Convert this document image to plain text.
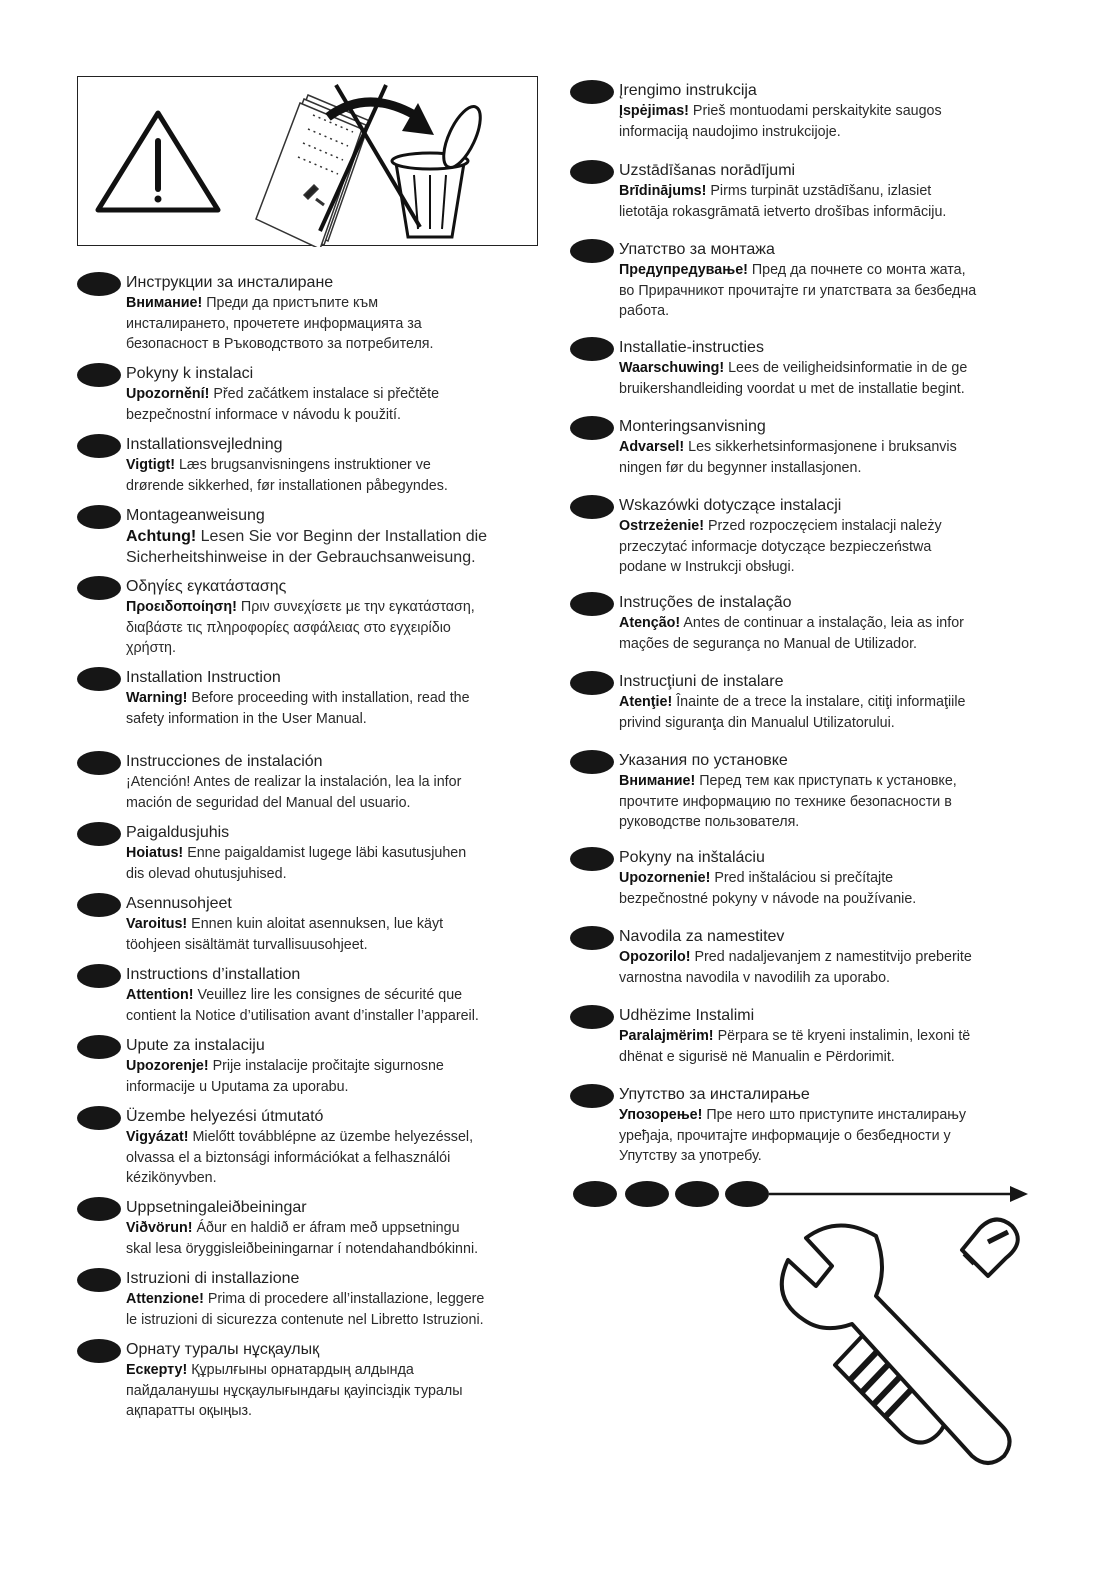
Инструкции за инсталиране
Внимание! Преди да пристъпите към
инсталирането, прочетете информацията за
безопасност в Ръководството за потребителя.
Pokyny k instalaci
Upozornění! Před začátkem instalace si přečtěte
bezpečnostní informace v návodu k použití.
Installationsvejledning
Vigtigt! Læs brugsanvisningens instruktioner ve
drørende sikkerhed, før installationen påbegyndes.
Montageanweisung
Achtung! Lesen Sie vor Beginn der Installation die
Sicherheitshinweise in der Gebrauchsanweisung.
Οδηγίες εγκατάστασης
Προειδοποίηση! Πριν συνεχίσετε με την εγκατάσταση,
διαβάστε τις πληροφορίες ασφάλειας στο εγχειρίδιο
χρήστη.
Installation Instruction
Warning! Before proceeding with installation, read the
safety information in the User Manual.
Instrucciones de instalación
¡Atención! Antes de realizar la instalación, lea la infor
mación de seguridad del Manual del usuario.
Paigaldusjuhis
Hoiatus! Enne paigaldamist lugege läbi kasutusjuhen
dis olevad ohutusjuhised.
Asennusohjeet
Varoitus! Ennen kuin aloitat asennuksen, lue käyt
töohjeen sisältämät turvallisuusohjeet.
Instructions d’installation
Attention! Veuillez lire les consignes de sécurité que
contient la Notice d’utilisation avant d’installer l’appareil.
Upute za instalaciju
Upozorenje! Prije instalacije pročitajte sigurnosne
informacije u Uputama za uporabu.
Üzembe helyezési útmutató
Vigyázat! Mielőtt továbblépne az üzembe helyezéssel,
olvassa el a biztonsági információkat a felhasználói
kézikönyvben.
Uppsetningaleiðbeiningar
Viðvörun! Áður en haldið er áfram með uppsetningu
skal lesa öryggisleiðbeiningarnar í notendahandbókinni.
Istruzioni di installazione
Attenzione! Prima di procedere all’installazione, leggere
le istruzioni di sicurezza contenute nel Libretto Istruzioni.
Орнату туралы нұсқаулық
Ескерту! Құрылғыны орнатардың алдында
пайдаланушы нұсқаулығындағы қауіпсіздік туралы
ақпаратты оқыңыз.
Įrengimo instrukcija
Įspėjimas! Prieš montuodami perskaitykite saugos
informaciją naudojimo instrukcijoje.
Uzstādīšanas norādījumi
Brīdinājums! Pirms turpināt uzstādīšanu, izlasiet
lietotāja rokasgrāmatā ietverto drošības informāciju.
Упатство за монтажа
Предупредување! Пред да почнете со монта жата,
во Прирачникот прочитајте ги упатствата за безбедна
работа.
Installatie-instructies
Waarschuwing! Lees de veiligheidsinformatie in de ge
bruikershandleiding voordat u met de installatie begint.
Monteringsanvisning
Advarsel! Les sikkerhetsinformasjonene i bruksanvis
ningen før du begynner installasjonen.
Wskazówki dotyczące instalacji
Ostrzeżenie! Przed rozpoczęciem instalacji należy
przeczytać informacje dotyczące bezpieczeństwa
podane w Instrukcji obsługi.
Instruções de instalação
Atenção! Antes de continuar a instalação, leia as infor
mações de segurança no Manual de Utilizador.
Instrucţiuni de instalare
Atenţie! Înainte de a trece la instalare, citiţi informaţiile
privind siguranţa din Manualul Utilizatorului.
Указания по установке
Внимание! Перед тем как приступать к установке,
прочтите информацию по технике безопасности в
руководстве пользователя.
Pokyny na inštaláciu
Upozornenie! Pred inštaláciou si prečítajte
bezpečnostné pokyny v návode na používanie.
Navodila za namestitev
Opozorilo! Pred nadaljevanjem z namestitvijo preberite
varnostna navodila v navodilih za uporabo.
Udhëzime Instalimi
Paralajmërim! Përpara se të kryeni instalimin, lexoni të
dhënat e sigurisë në Manualin e Përdorimit.
Упутство за инсталирање
Упозорење! Пре него што приступите инсталирању
уређаја, прочитајте информације о безбедности у
Упутству за употребу.
